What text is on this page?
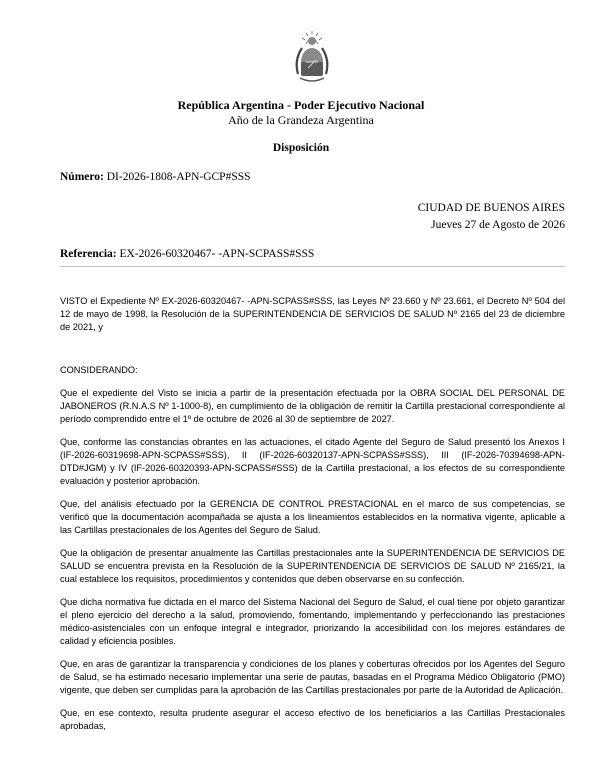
República Argentina - Poder Ejecutivo Nacional
Año de la Grandeza Argentina
Disposición
Número: DI-2026-1808-APN-GCP#SSS
CIUDAD DE BUENOS AIRES
Jueves 27 de Agosto de 2026
Referencia: EX-2026-60320467- -APN-SCPASS#SSS

VISTO el Expediente Nº EX-2026-60320467- -APN-SCPASS#SSS, las Leyes Nº 23.660 y Nº 23.661, el Decreto Nº 504 del 12 de mayo de 1998, la Resolución de la SUPERINTENDENCIA DE SERVICIOS DE SALUD Nº 2165 del 23 de diciembre de 2021, y

CONSIDERANDO:

Que el expediente del Visto se inicia a partir de la presentación efectuada por la OBRA SOCIAL DEL PERSONAL DE JABONEROS (R.N.A.S Nº 1-1000-8), en cumplimiento de la obligación de remitir la Cartilla prestacional correspondiente al período comprendido entre el 1º de octubre de 2026 al 30 de septiembre de 2027.

Que, conforme las constancias obrantes en las actuaciones, el citado Agente del Seguro de Salud presentó los Anexos I (IF-2026-60319698-APN-SCPASS#SSS), II (IF-2026-60320137-APN-SCPASS#SSS), III (IF-2026-70394698-APN-DTD#JGM) y IV (IF-2026-60320393-APN-SCPASS#SSS) de la Cartilla prestacional, a los efectos de su correspondiente evaluación y posterior aprobación.

Que, del análisis efectuado por la GERENCIA DE CONTROL PRESTACIONAL en el marco de sus competencias, se verificó que la documentación acompañada se ajusta a los lineamientos establecidos en la normativa vigente, aplicable a las Cartillas prestacionales de los Agentes del Seguro de Salud.

Que la obligación de presentar anualmente las Cartillas prestacionales ante la SUPERINTENDENCIA DE SERVICIOS DE SALUD se encuentra prevista en la Resolución de la SUPERINTENDENCIA DE SERVICIOS DE SALUD Nº 2165/21, la cual establece los requisitos, procedimientos y contenidos que deben observarse en su confección.

Que dicha normativa fue dictada en el marco del Sistema Nacional del Seguro de Salud, el cual tiene por objeto garantizar el pleno ejercicio del derecho a la salud, promoviendo, fomentando, implementando y perfeccionando las prestaciones médico-asistenciales con un enfoque integral e integrador, priorizando la accesibilidad con los mejores estándares de calidad y eficiencia posibles.

Que, en aras de garantizar la transparencia y condiciones de los planes y coberturas ofrecidos por los Agentes del Seguro de Salud, se ha estimado necesario implementar una serie de pautas, basadas en el Programa Médico Obligatorio (PMO) vigente, que deben ser cumplidas para la aprobación de las Cartillas prestacionales por parte de la Autoridad de Aplicación.

Que, en ese contexto, resulta prudente asegurar el acceso efectivo de los beneficiarios a las Cartillas Prestacionales aprobadas,
